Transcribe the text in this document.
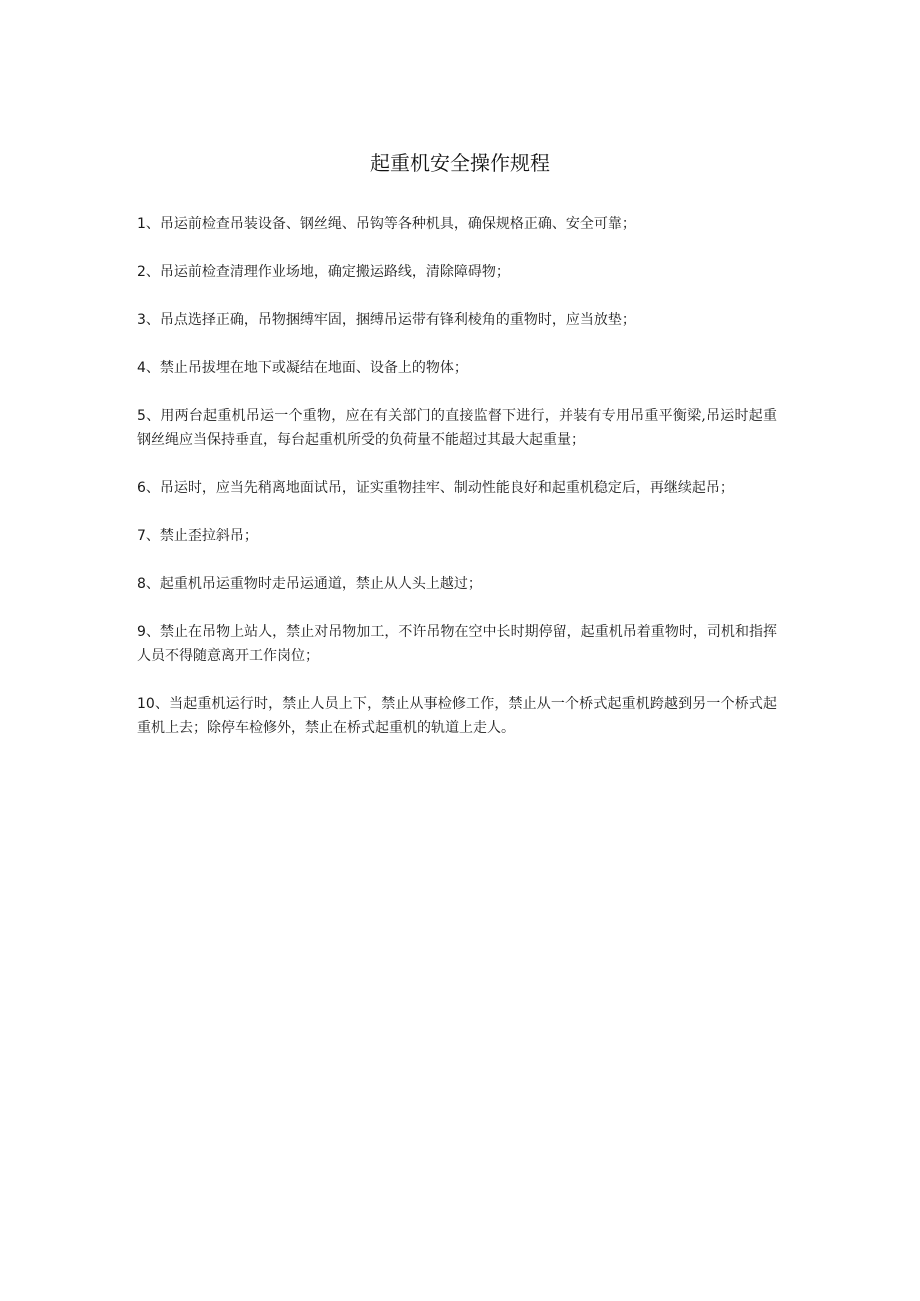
起重机安全操作规程
1、吊运前检查吊装设备、钢丝绳、吊钩等各种机具，确保规格正确、安全可靠；
2、吊运前检查清理作业场地，确定搬运路线，清除障碍物；
3、吊点选择正确，吊物捆缚牢固，捆缚吊运带有锋利棱角的重物时，应当放垫；
4、禁止吊拔埋在地下或凝结在地面、设备上的物体；
5、用两台起重机吊运一个重物，应在有关部门的直接监督下进行，并装有专用吊重平衡梁,吊运时起重钢丝绳应当保持垂直，每台起重机所受的负荷量不能超过其最大起重量；
6、吊运时，应当先稍离地面试吊，证实重物挂牢、制动性能良好和起重机稳定后，再继续起吊；
7、禁止歪拉斜吊；
8、起重机吊运重物时走吊运通道，禁止从人头上越过；
9、禁止在吊物上站人，禁止对吊物加工，不许吊物在空中长时期停留，起重机吊着重物时，司机和指挥人员不得随意离开工作岗位；
10、当起重机运行时，禁止人员上下，禁止从事检修工作，禁止从一个桥式起重机跨越到另一个桥式起重机上去；除停车检修外，禁止在桥式起重机的轨道上走人。
